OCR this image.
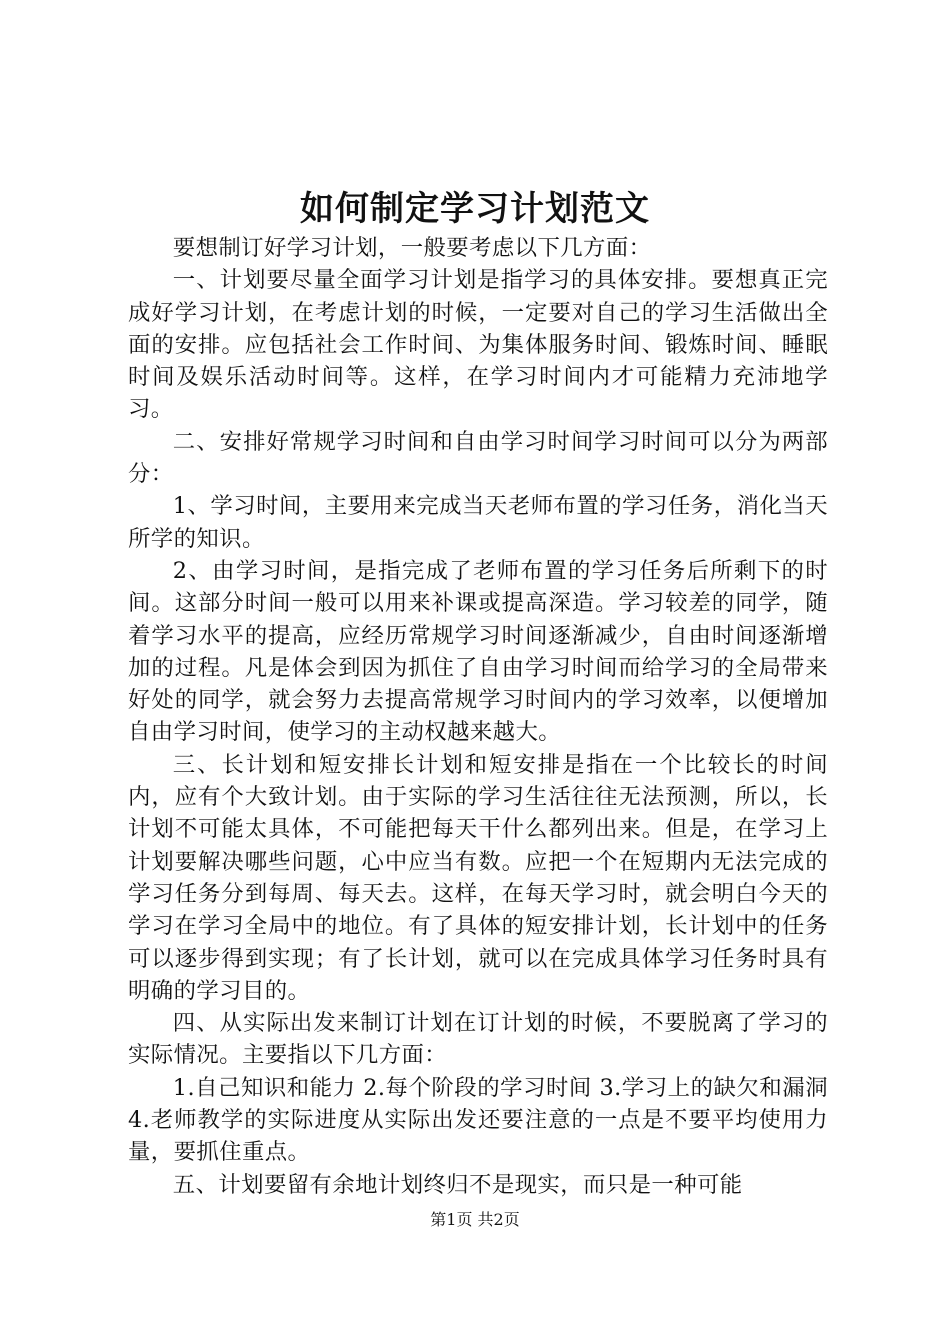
如何制定学习计划范文

要想制订好学习计划，一般要考虑以下几方面：

一、计划要尽量全面学习计划是指学习的具体安排。要想真正完成好学习计划，在考虑计划的时候，一定要对自己的学习生活做出全面的安排。应包括社会工作时间、为集体服务时间、锻炼时间、睡眠时间及娱乐活动时间等。这样，在学习时间内才可能精力充沛地学习。

二、安排好常规学习时间和自由学习时间学习时间可以分为两部分：

1、学习时间，主要用来完成当天老师布置的学习任务，消化当天所学的知识。

2、由学习时间，是指完成了老师布置的学习任务后所剩下的时间。这部分时间一般可以用来补课或提高深造。学习较差的同学，随着学习水平的提高，应经历常规学习时间逐渐减少，自由时间逐渐增加的过程。凡是体会到因为抓住了自由学习时间而给学习的全局带来好处的同学，就会努力去提高常规学习时间内的学习效率，以便增加自由学习时间，使学习的主动权越来越大。

三、长计划和短安排长计划和短安排是指在一个比较长的时间内，应有个大致计划。由于实际的学习生活往往无法预测，所以，长计划不可能太具体，不可能把每天干什么都列出来。但是，在学习上计划要解决哪些问题，心中应当有数。应把一个在短期内无法完成的学习任务分到每周、每天去。这样，在每天学习时，就会明白今天的学习在学习全局中的地位。有了具体的短安排计划，长计划中的任务可以逐步得到实现；有了长计划，就可以在完成具体学习任务时具有明确的学习目的。

四、从实际出发来制订计划在订计划的时候，不要脱离了学习的实际情况。主要指以下几方面：

1.自己知识和能力 2.每个阶段的学习时间 3.学习上的缺欠和漏洞 4.老师教学的实际进度从实际出发还要注意的一点是不要平均使用力量，要抓住重点。

五、计划要留有余地计划终归不是现实，而只是一种可能

第1页 共2页
